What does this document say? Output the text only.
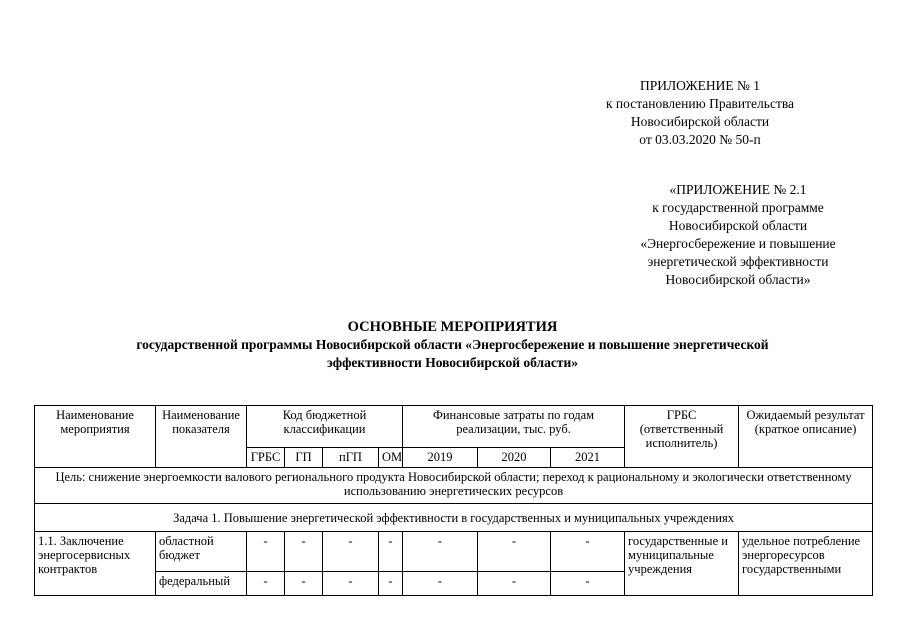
ПРИЛОЖЕНИЕ № 1
к постановлению Правительства
Новосибирской области
от 03.03.2020 № 50-п
«ПРИЛОЖЕНИЕ № 2.1
к государственной программе
Новосибирской области
«Энергосбережение и повышение
энергетической эффективности
Новосибирской области»
ОСНОВНЫЕ МЕРОПРИЯТИЯ
государственной программы Новосибирской области «Энергосбережение и повышение энергетической
эффективности Новосибирской области»
Наименование мероприятия	Наименование показателя	Код бюджетной классификации				Финансовые затраты по годам реализации, тыс. руб.			ГРБС (ответственный исполнитель)	Ожидаемый результат (краткое описание)
		ГРБС	ГП	пГП	ОМ	2019	2020	2021		
Цель: снижение энергоемкости валового регионального продукта Новосибирской области; переход к рациональному и экологически ответственному использованию энергетических ресурсов										
Задача 1. Повышение энергетической эффективности в государственных и муниципальных учреждениях										
1.1. Заключение энергосервисных контрактов	областной бюджет	-	-	-	-	-	-	-	государственные и муниципальные учреждения	удельное потребление энергоресурсов государственными
	федеральный	-	-	-	-	-	-	-		
